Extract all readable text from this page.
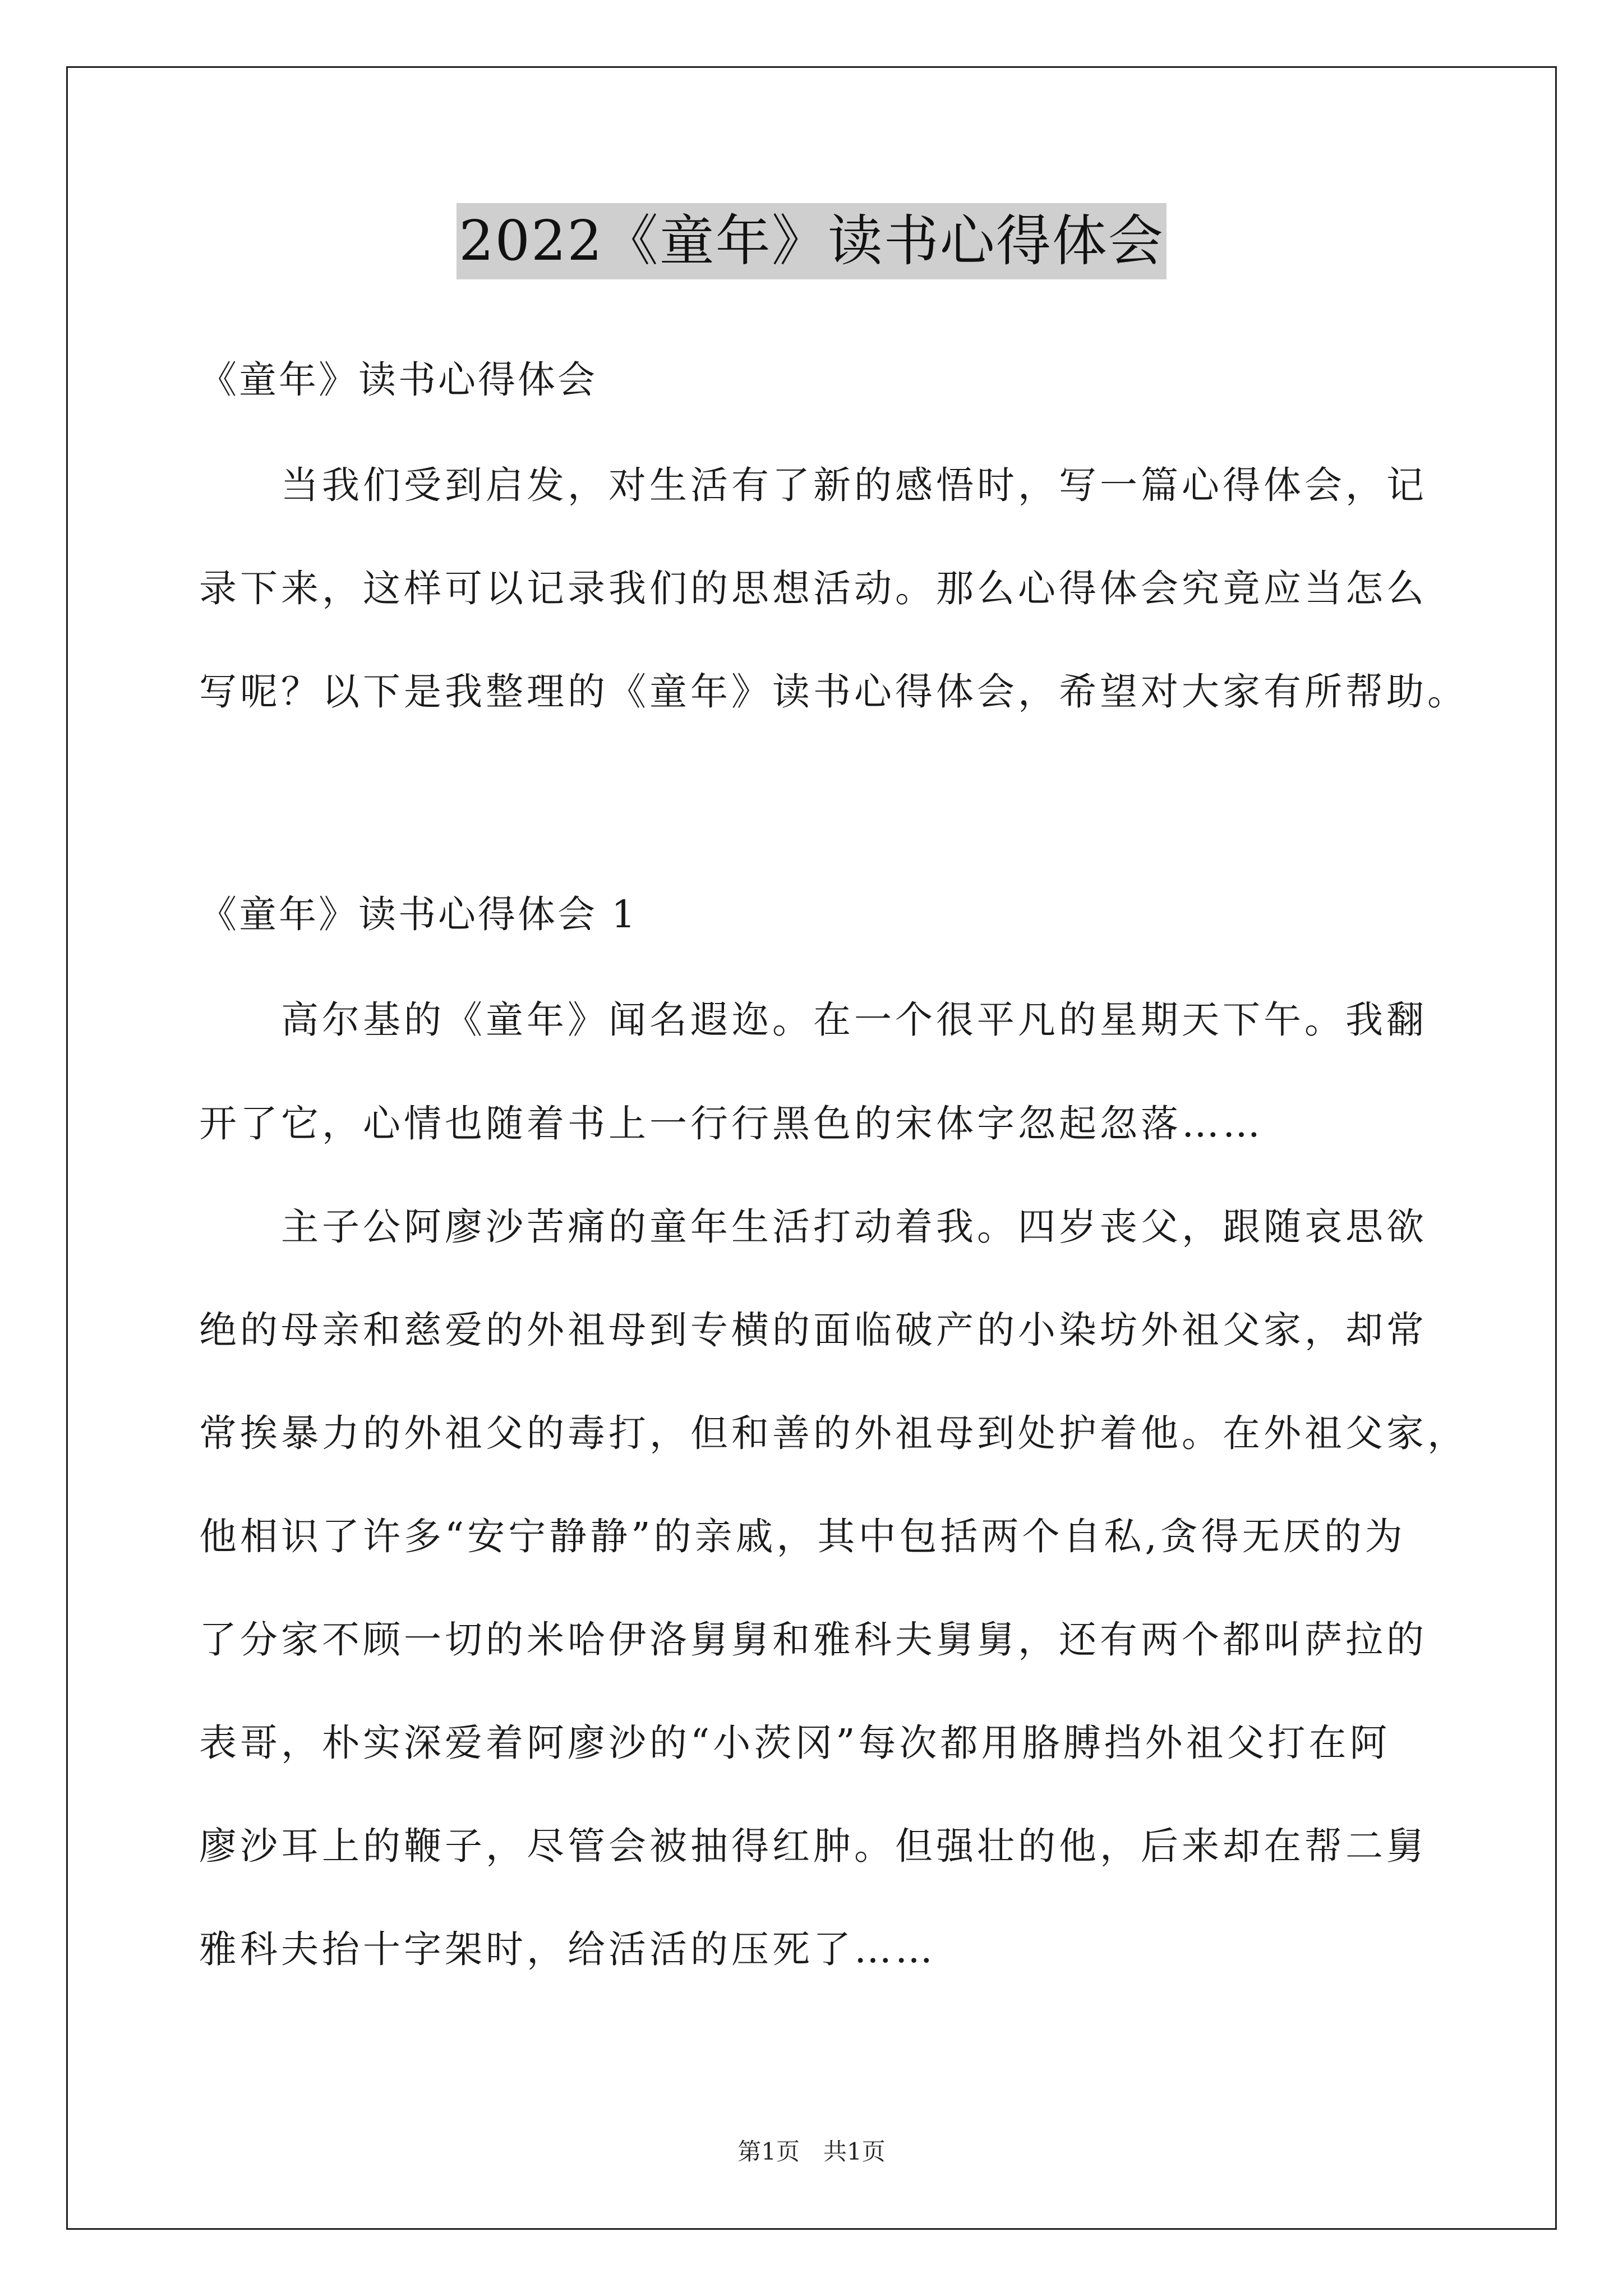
2022《童年》读书心得体会
《童年》读书心得体会
　　当我们受到启发，对生活有了新的感悟时，写一篇心得体会，记
录下来，这样可以记录我们的思想活动。那么心得体会究竟应当怎么
写呢？以下是我整理的《童年》读书心得体会，希望对大家有所帮助。
《童年》读书心得体会 1
　　高尔基的《童年》闻名遐迩。在一个很平凡的星期天下午。我翻
开了它，心情也随着书上一行行黑色的宋体字忽起忽落……
　　主子公阿廖沙苦痛的童年生活打动着我。四岁丧父，跟随哀思欲
绝的母亲和慈爱的外祖母到专横的面临破产的小染坊外祖父家，却常
常挨暴力的外祖父的毒打，但和善的外祖母到处护着他。在外祖父家，
他相识了许多“安宁静静”的亲戚，其中包括两个自私,贪得无厌的为
了分家不顾一切的米哈伊洛舅舅和雅科夫舅舅，还有两个都叫萨拉的
表哥，朴实深爱着阿廖沙的“小茨冈”每次都用胳膊挡外祖父打在阿
廖沙耳上的鞭子，尽管会被抽得红肿。但强壮的他，后来却在帮二舅
雅科夫抬十字架时，给活活的压死了……
第1页　共1页
